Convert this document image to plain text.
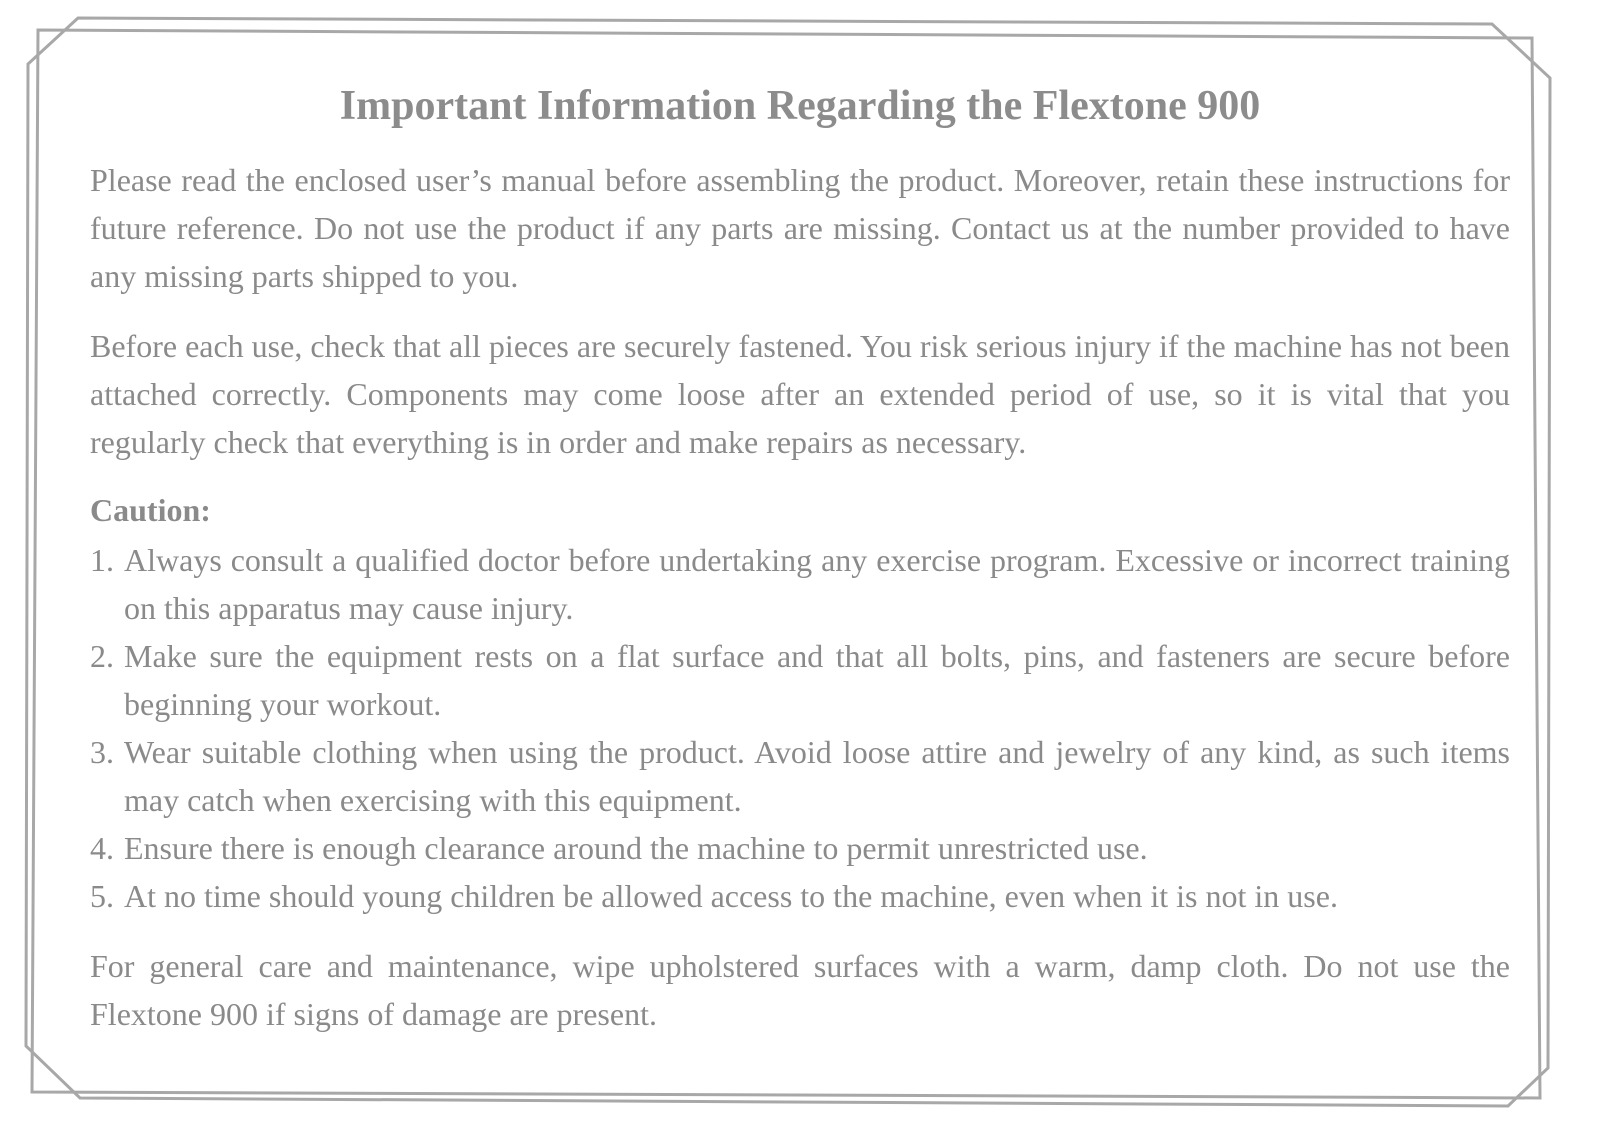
Important Information Regarding the Flextone 900

Please read the enclosed user’s manual before assembling the product. Moreover, retain these instructions for future reference. Do not use the product if any parts are missing. Contact us at the number provided to have any missing parts shipped to you.

Before each use, check that all pieces are securely fastened. You risk serious injury if the machine has not been attached correctly. Components may come loose after an extended period of use, so it is vital that you regularly check that everything is in order and make repairs as necessary.

Caution:
1. Always consult a qualified doctor before undertaking any exercise program. Excessive or incorrect training on this apparatus may cause injury.
2. Make sure the equipment rests on a flat surface and that all bolts, pins, and fasteners are secure before beginning your workout.
3. Wear suitable clothing when using the product. Avoid loose attire and jewelry of any kind, as such items may catch when exercising with this equipment.
4. Ensure there is enough clearance around the machine to permit unrestricted use.
5. At no time should young children be allowed access to the machine, even when it is not in use.

For general care and maintenance, wipe upholstered surfaces with a warm, damp cloth. Do not use the Flextone 900 if signs of damage are present.
